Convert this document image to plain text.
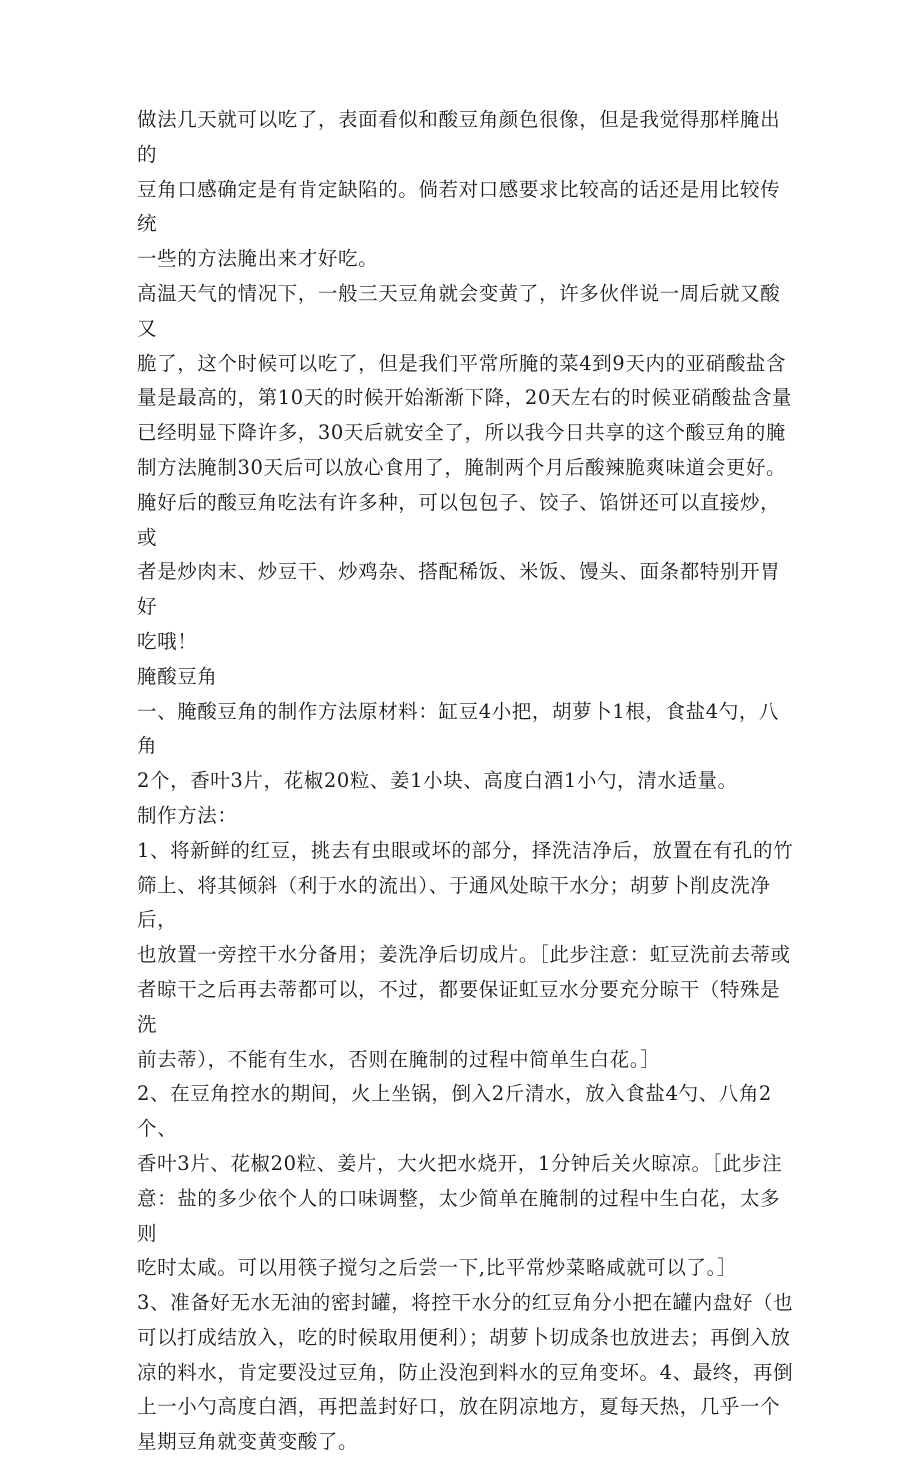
做法几天就可以吃了，表面看似和酸豆角颜色很像，但是我觉得那样腌出的
豆角口感确定是有肯定缺陷的。倘若对口感要求比较高的话还是用比较传统
一些的方法腌出来才好吃。

高温天气的情况下，一般三天豆角就会变黄了，许多伙伴说一周后就又酸又
脆了，这个时候可以吃了，但是我们平常所腌的菜4到9天内的亚硝酸盐含
量是最高的，第10天的时候开始渐渐下降，20天左右的时候亚硝酸盐含量
已经明显下降许多，30天后就安全了，所以我今日共享的这个酸豆角的腌
制方法腌制30天后可以放心食用了，腌制两个月后酸辣脆爽味道会更好。

腌好后的酸豆角吃法有许多种，可以包包子、饺子、馅饼还可以直接炒，或
者是炒肉末、炒豆干、炒鸡杂、搭配稀饭、米饭、馒头、面条都特别开胃好
吃哦！

腌酸豆角

一、腌酸豆角的制作方法原材料：缸豆4小把，胡萝卜1根，食盐4勺，八角
2个，香叶3片，花椒20粒、姜1小块、高度白酒1小勺，清水适量。

制作方法：

1、将新鲜的红豆，挑去有虫眼或坏的部分，择洗洁净后，放置在有孔的竹
筛上、将其倾斜（利于水的流出）、于通风处晾干水分；胡萝卜削皮洗净后，
也放置一旁控干水分备用；姜洗净后切成片。［此步注意：虹豆洗前去蒂或
者晾干之后再去蒂都可以，不过，都要保证虹豆水分要充分晾干（特殊是洗
前去蒂），不能有生水，否则在腌制的过程中简单生白花。］

2、在豆角控水的期间，火上坐锅，倒入2斤清水，放入食盐4勺、八角2个、
香叶3片、花椒20粒、姜片，大火把水烧开，1分钟后关火晾凉。［此步注
意：盐的多少依个人的口味调整，太少简单在腌制的过程中生白花，太多则
吃时太咸。可以用筷子搅匀之后尝一下,比平常炒菜略咸就可以了。］

3、准备好无水无油的密封罐，将控干水分的红豆角分小把在罐内盘好（也
可以打成结放入，吃的时候取用便利）；胡萝卜切成条也放进去；再倒入放
凉的料水，肯定要没过豆角，防止没泡到料水的豆角变坏。4、最终，再倒
上一小勺高度白酒，再把盖封好口，放在阴凉地方，夏每天热，几乎一个
星期豆角就变黄变酸了。
